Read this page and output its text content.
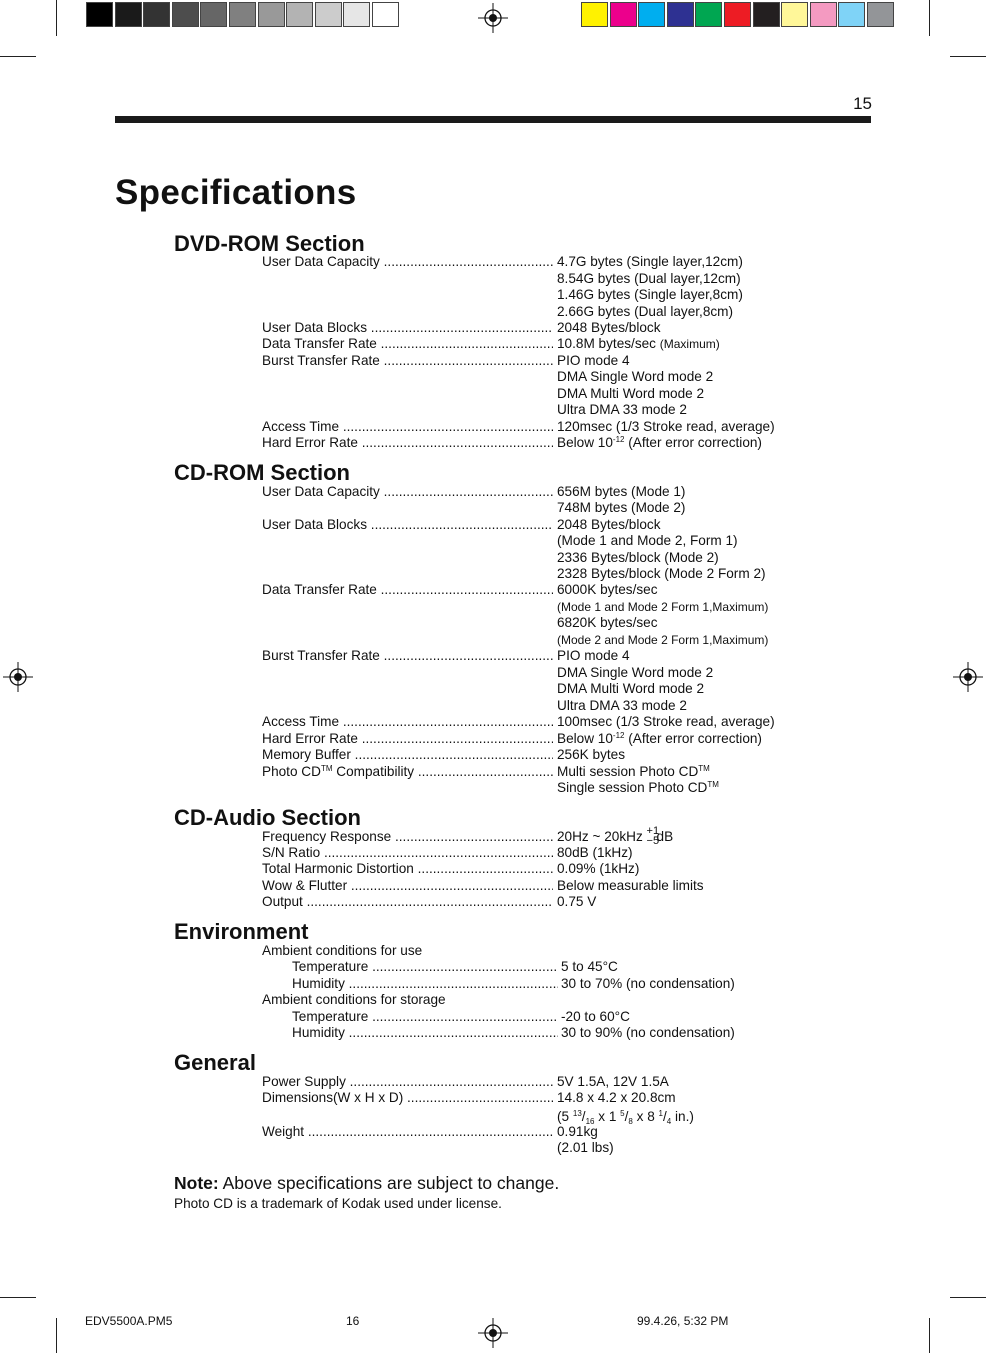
15
Specifications
DVD-ROM Section
User Data Capacity .....	4.7G bytes (Single layer,12cm)
8.54G bytes (Dual layer,12cm)
1.46G bytes (Single layer,8cm)
2.66G bytes (Dual layer,8cm)
User Data Blocks .....	2048 Bytes/block
Data Transfer Rate .....	10.8M bytes/sec (Maximum)
Burst Transfer Rate .....	PIO mode 4
DMA Single Word mode 2
DMA Multi Word mode 2
Ultra DMA 33 mode 2
Access Time .....	120msec (1/3 Stroke read, average)
Hard Error Rate .....	Below $10^{-12}$ (After error correction)
CD-ROM Section
User Data Capacity .....	656M bytes (Mode 1)
748M bytes (Mode 2)
User Data Blocks .....	2048 Bytes/block
(Mode 1 and Mode 2, Form 1)
2336 Bytes/block (Mode 2)
2328 Bytes/block (Mode 2 Form 2)
Data Transfer Rate .....	6000K bytes/sec
(Mode 1 and Mode 2 Form 1,Maximum)
6820K bytes/sec
(Mode 2 and Mode 2 Form 1,Maximum)
Burst Transfer Rate .....	PIO mode 4
DMA Single Word mode 2
DMA Multi Word mode 2
Ultra DMA 33 mode 2
Access Time .....	100msec (1/3 Stroke read, average)
Hard Error Rate .....	Below $10^{-12}$ (After error correction)
Memory Buffer .....	256K bytes
Photo CD™ Compatibility .....	Multi session Photo CD™
Single session Photo CD™
CD-Audio Section
Frequency Response .....	20Hz ~ 20kHz +1
−5
dB
S/N Ratio .....	80dB (1kHz)
Total Harmonic Distortion .....	0.09% (1kHz)
Wow & Flutter .....	Below measurable limits
Output .....	0.75 V
Environment
Ambient conditions for use
Temperature .....	5 to 45°C
Humidity .....	30 to 70% (no condensation)
Ambient conditions for storage
Temperature .....	-20 to 60°C
Humidity .....	30 to 90% (no condensation)
General
Power Supply .....	5V 1.5A, 12V 1.5A
Dimensions(W x H x D) .....	14.8 x 4.2 x 20.8cm
(5 $^{13}/_{16}$ x 1 $^5/_8$ x 8 $^1/_4$ in.)
Weight .....	0.91kg
(2.01 lbs)
Note: Above specifications are subject to change.
Photo CD is a trademark of Kodak used under license.
EDV5500A.PM5	16	99.4.26, 5:32 PM
